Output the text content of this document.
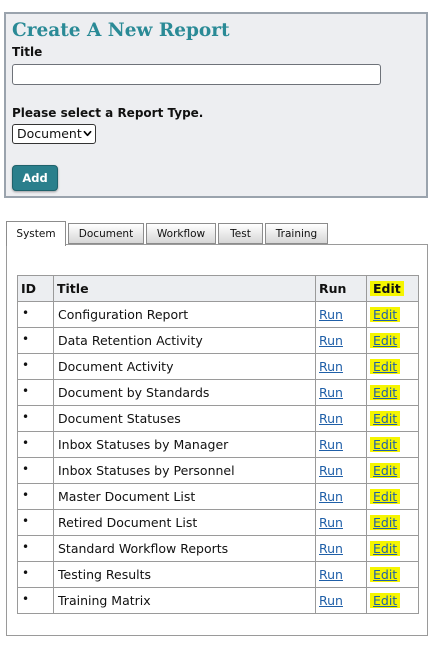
Create A New Report
Title
Please select a Report Type.
Document
Add
System	Document	Workflow	Test	Training
ID	Title	Run	Edit
•	Configuration Report	Run	Edit
•	Data Retention Activity	Run	Edit
•	Document Activity	Run	Edit
•	Document by Standards	Run	Edit
•	Document Statuses	Run	Edit
•	Inbox Statuses by Manager	Run	Edit
•	Inbox Statuses by Personnel	Run	Edit
•	Master Document List	Run	Edit
•	Retired Document List	Run	Edit
•	Standard Workflow Reports	Run	Edit
•	Testing Results	Run	Edit
•	Training Matrix	Run	Edit
